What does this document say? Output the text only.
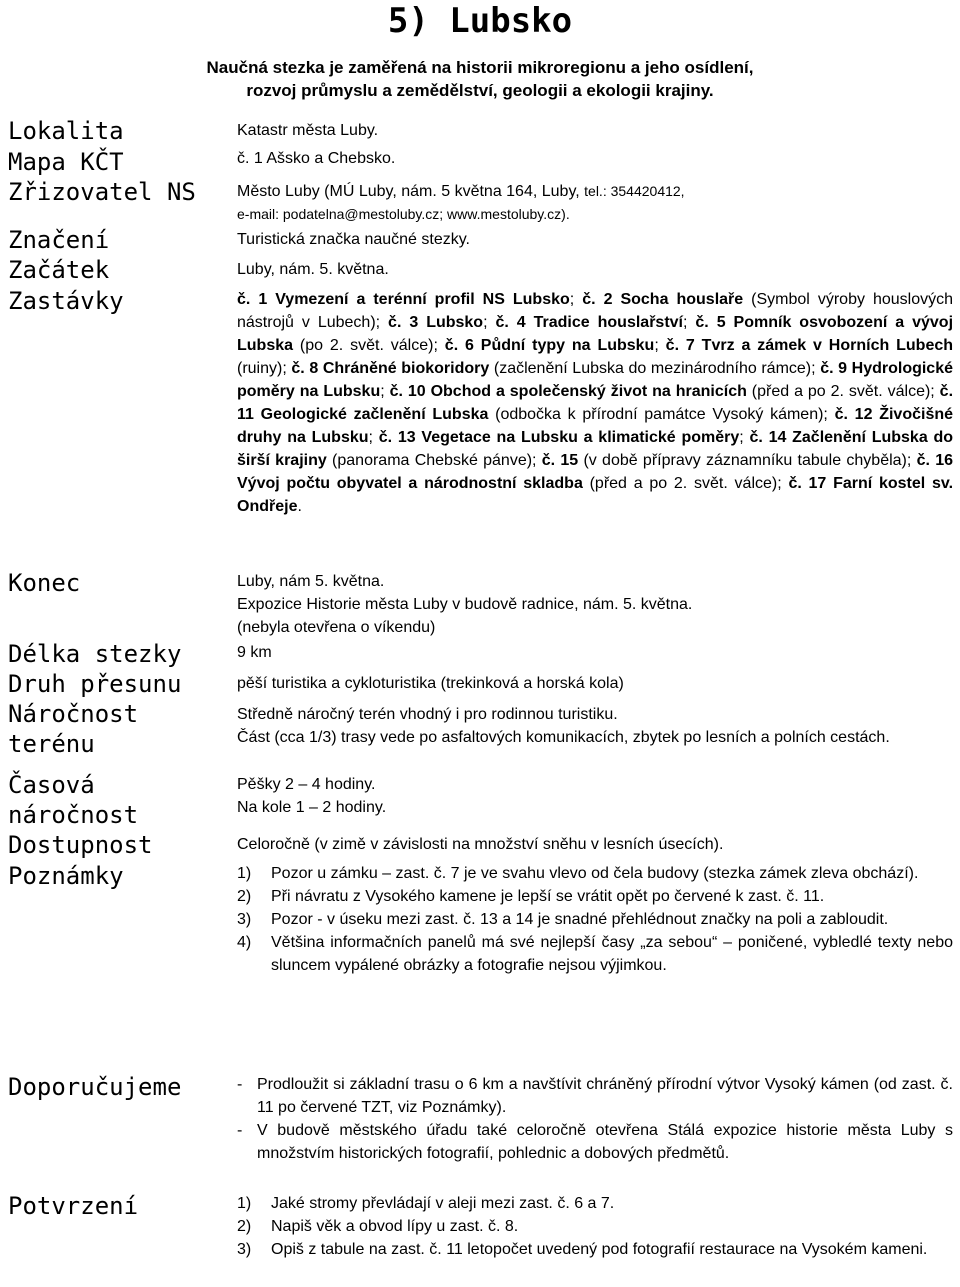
5) Lubsko
Naučná stezka je zaměřená na historii mikroregionu a jeho osídlení,
rozvoj průmyslu a zemědělství, geologii a ekologii krajiny.
Lokalita
Mapa KČT
Zřizovatel NS
Značení
Začátek
Zastávky
Konec
Délka stezky
Druh přesunu
Náročnost
terénu
Časová
náročnost
Dostupnost
Poznámky
Doporučujeme
Potvrzení
Katastr města Luby.
č. 1 Ašsko a Chebsko.

Město Luby (MÚ Luby, nám. 5 května 164, Luby, tel.: 354420412,

e-mail: podatelna@mestoluby.cz; www.mestoluby.cz).

Turistická značka naučné stezky.
Luby, nám. 5. května.
č. 1 Vymezení a terénní profil NS Lubsko; č. 2 Socha houslaře (Symbol výroby houslových nástrojů v Lubech); č. 3 Lubsko; č. 4 Tradice houslařství; č. 5 Pomník osvobození a vývoj Lubska (po 2. svět. válce); č. 6 Půdní typy na Lubsku; č. 7 Tvrz a zámek v Horních Lubech (ruiny); č. 8 Chráněné biokoridory (začlenění Lubska do mezinárodního rámce); č. 9 Hydrologické poměry na Lubsku; č. 10 Obchod a společenský život na hranicích (před a po 2. svět. válce); č. 11 Geologické začlenění Lubska (odbočka k přírodní památce Vysoký kámen); č. 12 Živočišné druhy na Lubsku; č. 13 Vegetace na Lubsku a klimatické poměry; č. 14 Začlenění Lubska do širší krajiny (panorama Chebské pánve); č. 15 (v době přípravy záznamníku tabule chyběla); č. 16 Vývoj počtu obyvatel a národnostní skladba (před a po 2. svět. válce); č. 17 Farní kostel sv. Ondřeje.

Luby, nám 5. května.

Expozice Historie města Luby v budově radnice, nám. 5. května.

(nebyla otevřena o víkendu)

9 km
pěší turistika a cykloturistika (trekinková a horská kola)

Středně náročný terén vhodný i pro rodinnou turistiku.

Část (cca 1/3) trasy vede po asfaltových komunikacích, zbytek po lesních a polních cestách.

Pěšky 2 – 4 hodiny.

Na kole 1 – 2 hodiny.

Celoročně (v zimě v závislosti na množství sněhu v lesních úsecích).
1) Pozor u zámku – zast. č. 7 je ve svahu vlevo od čela budovy (stezka zámek zleva obchází).
2) Při návratu z Vysokého kamene je lepší se vrátit opět po červené k zast. č. 11.
3) Pozor - v úseku mezi zast. č. 13 a 14 je snadné přehlédnout značky na poli a zabloudit.
4) Většina informačních panelů má své nejlepší časy „za sebou“ – poničené, vybledlé texty nebo sluncem vypálené obrázky a fotografie nejsou výjimkou.
- Prodloužit si základní trasu o 6 km a navštívit chráněný přírodní výtvor Vysoký kámen (od zast. č. 11 po červené TZT, viz Poznámky).
- V budově městského úřadu také celoročně otevřena Stálá expozice historie města Luby s množstvím historických fotografií, pohlednic a dobových předmětů.
1) Jaké stromy převládají v aleji mezi zast. č. 6 a 7.
2) Napiš věk a obvod lípy u zast. č. 8.
3) Opiš z tabule na zast. č. 11 letopočet uvedený pod fotografií restaurace na Vysokém kameni.
